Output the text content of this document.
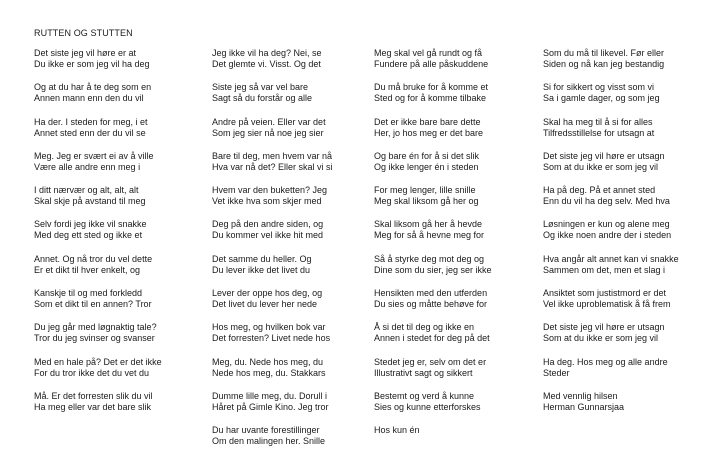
RUTTEN OG STUTTEN
Det siste jeg vil høre er at
Du ikke er som jeg vil ha deg
Og at du har å te deg som en
Annen mann enn den du vil
Ha der. I steden for meg, i et
Annet sted enn der du vil se
Meg. Jeg er svært ei av å ville
Være alle andre enn meg i
I ditt nærvær og alt, alt, alt
Skal skje på avstand til meg
Selv fordi jeg ikke vil snakke
Med deg ett sted og ikke et
Annet. Og nå tror du vel dette
Er et dikt til hver enkelt, og
Kanskje til og med forkledd
Som et dikt til en annen? Tror
Du jeg går med løgnaktig tale?
Tror du jeg svinser og svanser
Med en hale på? Det er det ikke
For du tror ikke det du vet du
Må. Er det forresten slik du vil
Ha meg eller var det bare slik
Jeg ikke vil ha deg? Nei, se
Det glemte vi. Visst. Og det
Siste jeg så var vel bare
Sagt så du forstår og alle
Andre på veien. Eller var det
Som jeg sier nå noe jeg sier
Bare til deg, men hvem var nå
Hva var nå det? Eller skal vi si
Hvem var den buketten? Jeg
Vet ikke hva som skjer med
Deg på den andre siden, og
Du kommer vel ikke hit med
Det samme du heller. Og
Du lever ikke det livet du
Lever der oppe hos deg, og
Det livet du lever her nede
Hos meg, og hvilken bok var
Det forresten? Livet nede hos
Meg, du. Nede hos meg, du
Nede hos meg, du. Stakkars
Dumme lille meg, du. Dorull i
Håret på Gimle Kino. Jeg tror
Du har uvante forestillinger
Om den malingen her. Snille
Meg skal vel gå rundt og få
Fundere på alle påskuddene
Du må bruke for å komme et
Sted og for å komme tilbake
Det er ikke bare bare dette
Her, jo hos meg er det bare
Og bare én for å si det slik
Og ikke lenger én i steden
For meg lenger, lille snille
Meg skal liksom gå her og
Skal liksom gå her å hevde
Meg for så å hevne meg for
Så å styrke deg mot deg og
Dine som du sier, jeg ser ikke
Hensikten med den utferden
Du sies og måtte behøve for
Å si det til deg og ikke en
Annen i stedet for deg på det
Stedet jeg er, selv om det er
Illustrativt sagt og sikkert
Bestemt og verd å kunne
Sies og kunne etterforskes
Hos kun én
Som du må til likevel. Før eller
Siden og nå kan jeg bestandig
Si for sikkert og visst som vi
Sa i gamle dager, og som jeg
Skal ha meg til å si for alles
Tilfredsstillelse for utsagn at
Det siste jeg vil høre er utsagn
Som at du ikke er som jeg vil
Ha på deg. På et annet sted
Enn du vil ha deg selv. Med hva
Løsningen er kun og alene meg
Og ikke noen andre der i steden
Hva angår alt annet kan vi snakke
Sammen om det, men et slag i
Ansiktet som justistmord er det
Vel ikke uproblematisk å få frem
Det siste jeg vil høre er utsagn
Som at du ikke er som jeg vil
Ha deg. Hos meg og alle andre
Steder
Med vennlig hilsen
Herman Gunnarsjaa
